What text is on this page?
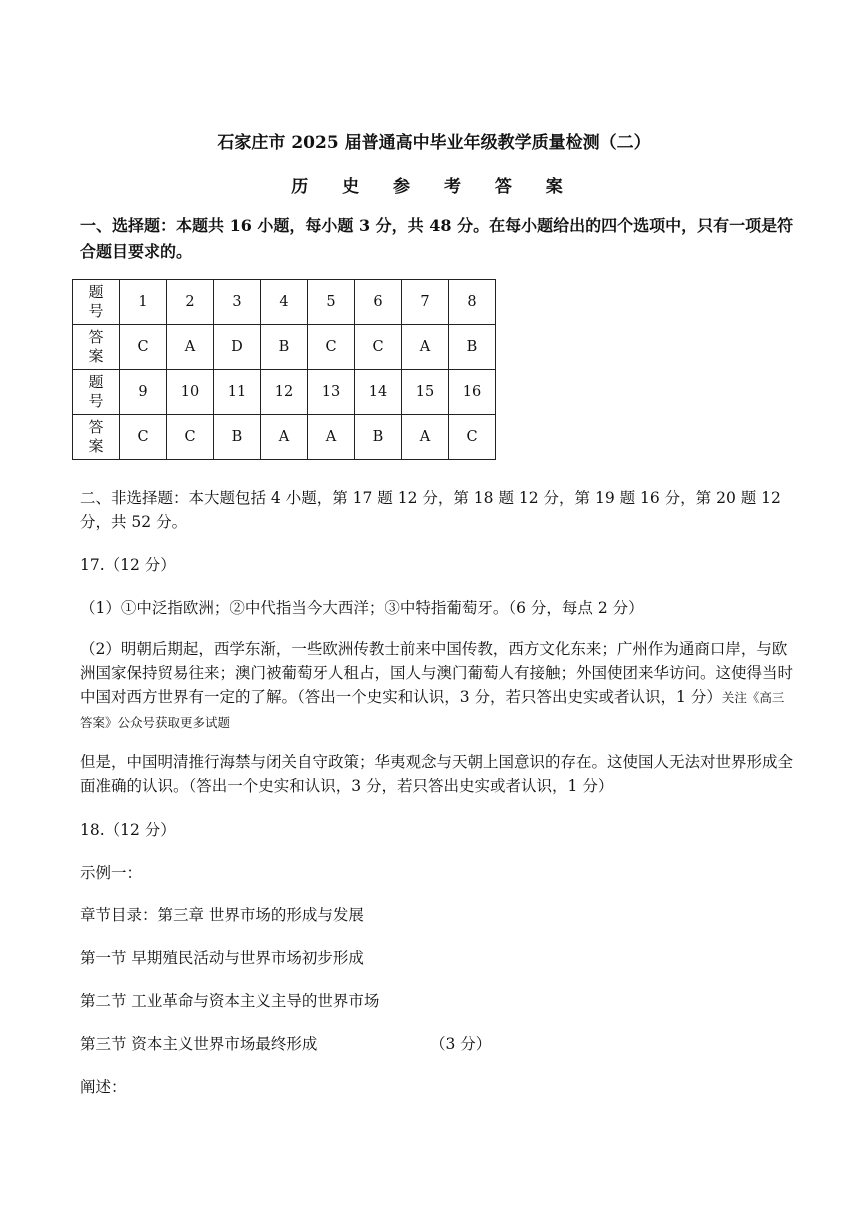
石家庄市 2025 届普通高中毕业年级教学质量检测（二）
历 史 参 考 答 案
一、选择题：本题共 16 小题，每小题 3 分，共 48 分。在每小题给出的四个选项中，只有一项是符合题目要求的。
题
号	1	2	3	4	5	6	7	8
答
案	C	A	D	B	C	C	A	B
题
号	9	10	11	12	13	14	15	16
答
案	C	C	B	A	A	B	A	C
二、非选择题：本大题包括 4 小题，第 17 题 12 分，第 18 题 12 分，第 19 题 16 分，第 20 题 12 分，共 52 分。
17.（12 分）
（1）①中泛指欧洲；②中代指当今大西洋；③中特指葡萄牙。（6 分，每点 2 分）
（2）明朝后期起，西学东渐，一些欧洲传教士前来中国传教，西方文化东来；广州作为通商口岸，与欧洲国家保持贸易往来；澳门被葡萄牙人租占，国人与澳门葡萄人有接触；外国使团来华访问。这使得当时中国对西方世界有一定的了解。（答出一个史实和认识，3 分，若只答出史实或者认识，1 分）关注《高三答案》公众号获取更多试题
但是，中国明清推行海禁与闭关自守政策；华夷观念与天朝上国意识的存在。这使国人无法对世界形成全面准确的认识。（答出一个史实和认识，3 分，若只答出史实或者认识，1 分）
18.（12 分）
示例一：
章节目录：第三章 世界市场的形成与发展
第一节 早期殖民活动与世界市场初步形成
第二节 工业革命与资本主义主导的世界市场
第三节 资本主义世界市场最终形成	（3 分）
阐述：
